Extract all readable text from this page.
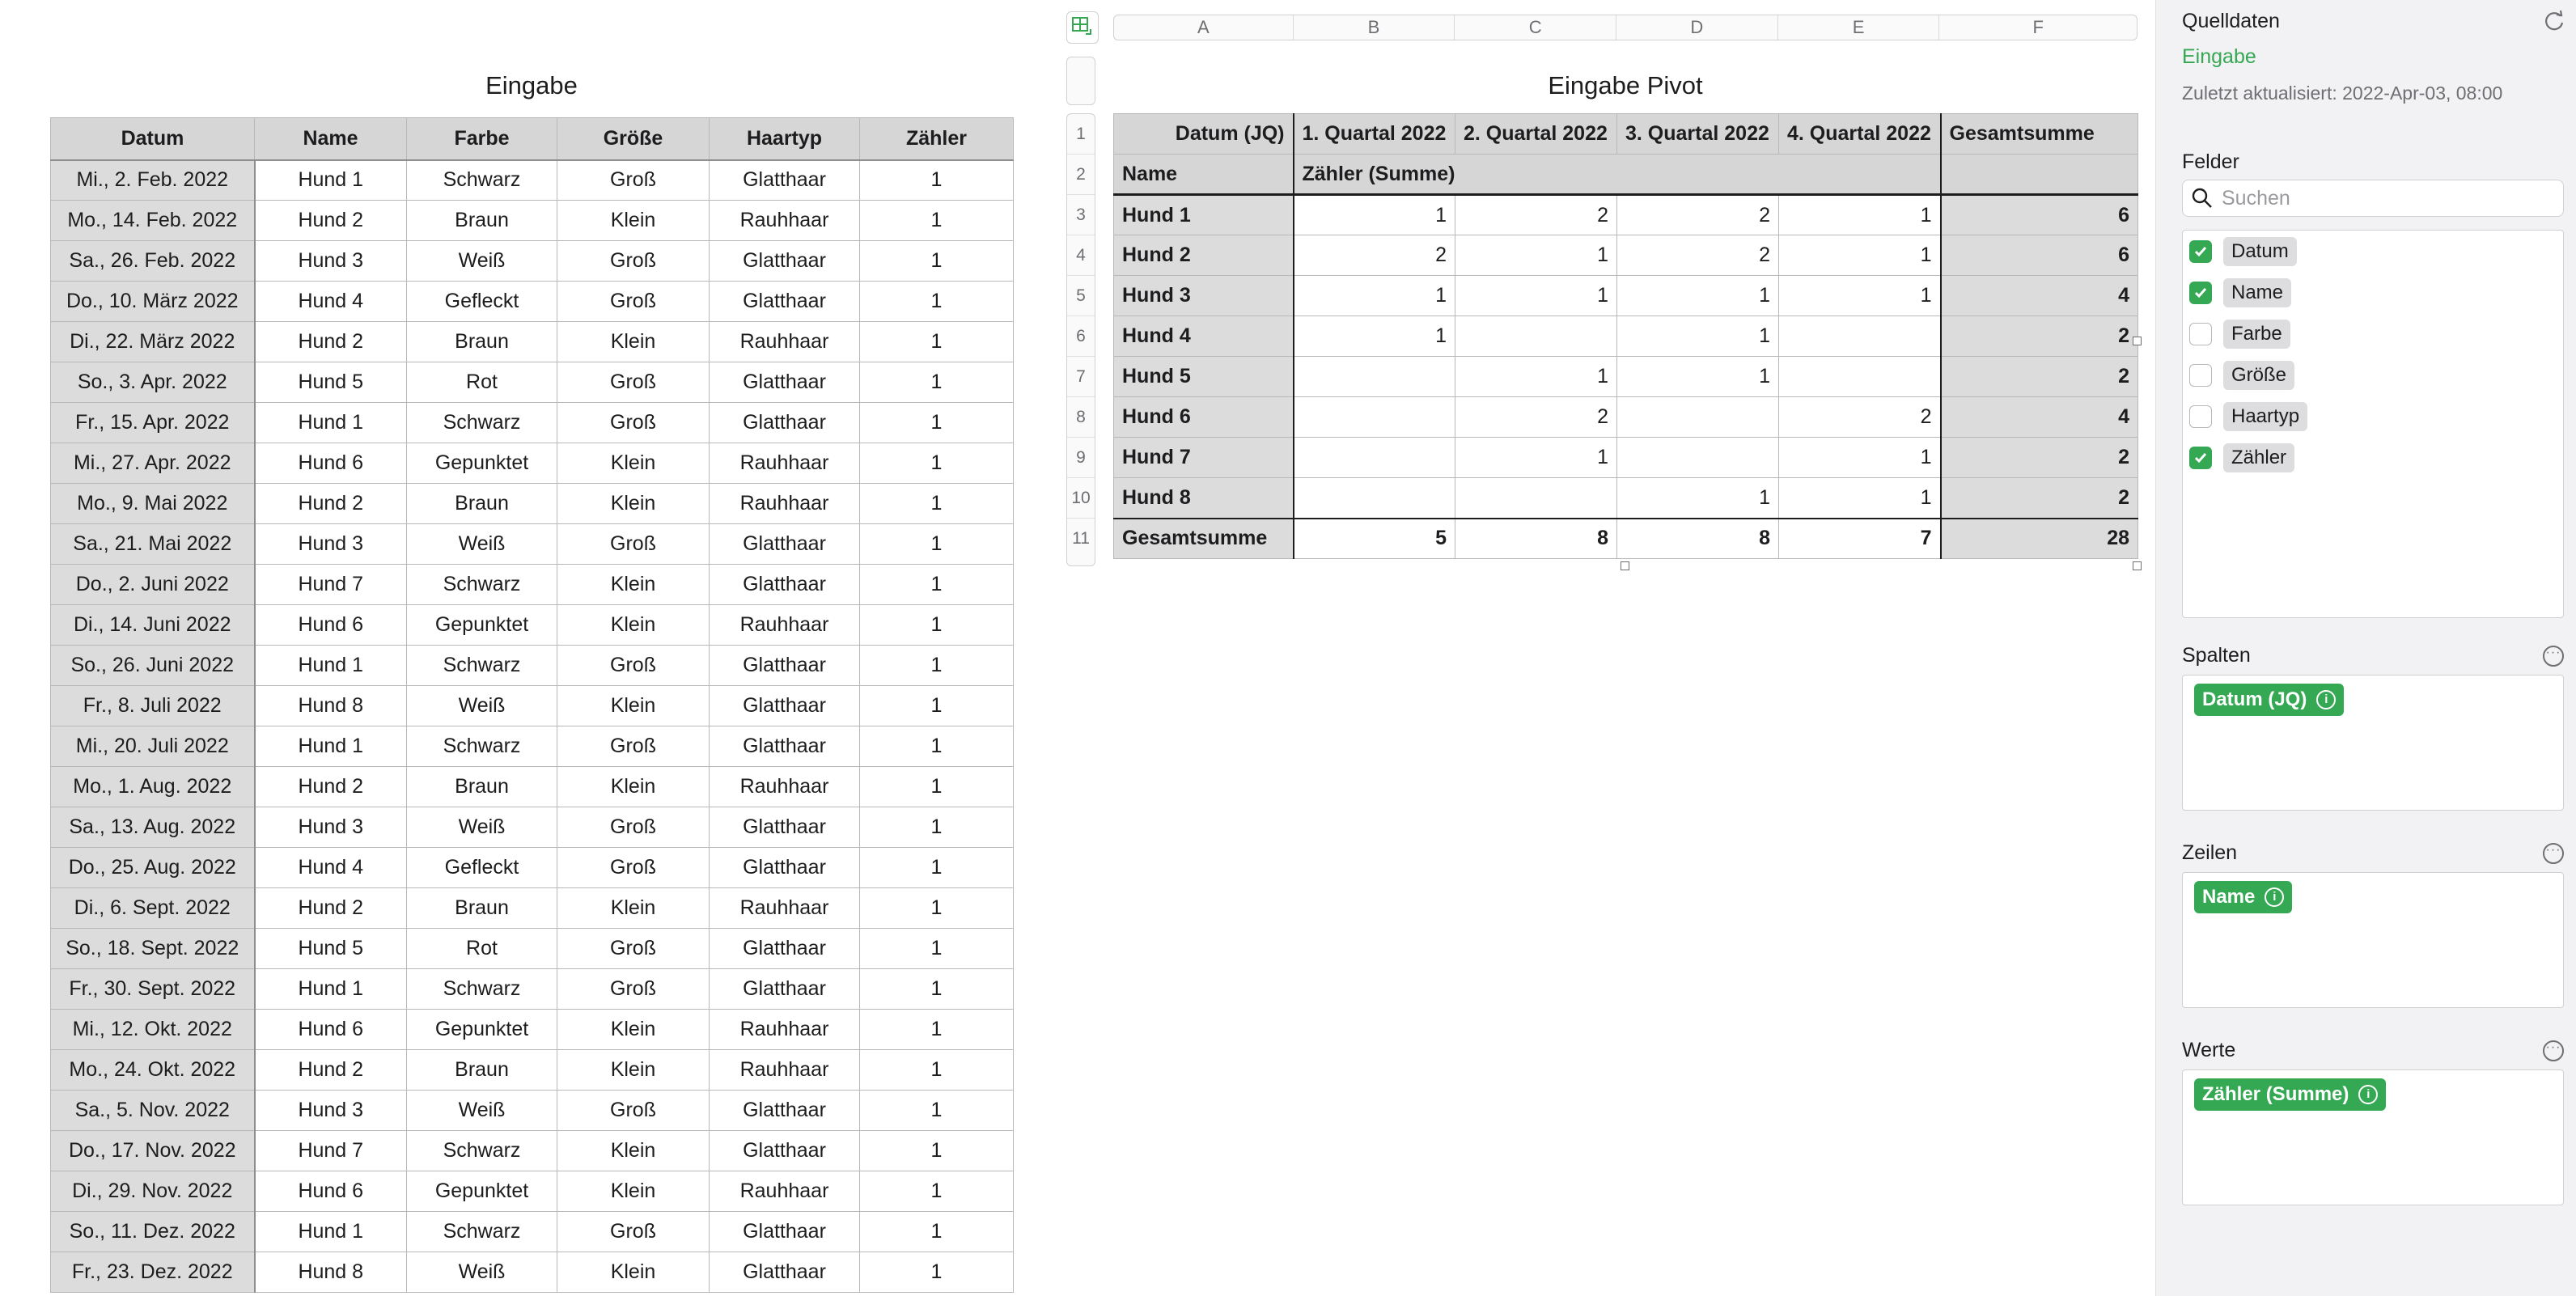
Eingabe
Datum	Name	Farbe	Größe	Haartyp	Zähler
Mi., 2. Feb. 2022	Hund 1	Schwarz	Groß	Glatthaar	1
Mo., 14. Feb. 2022	Hund 2	Braun	Klein	Rauhhaar	1
Sa., 26. Feb. 2022	Hund 3	Weiß	Groß	Glatthaar	1
Do., 10. März 2022	Hund 4	Gefleckt	Groß	Glatthaar	1
Di., 22. März 2022	Hund 2	Braun	Klein	Rauhhaar	1
So., 3. Apr. 2022	Hund 5	Rot	Groß	Glatthaar	1
Fr., 15. Apr. 2022	Hund 1	Schwarz	Groß	Glatthaar	1
Mi., 27. Apr. 2022	Hund 6	Gepunktet	Klein	Rauhhaar	1
Mo., 9. Mai 2022	Hund 2	Braun	Klein	Rauhhaar	1
Sa., 21. Mai 2022	Hund 3	Weiß	Groß	Glatthaar	1
Do., 2. Juni 2022	Hund 7	Schwarz	Klein	Glatthaar	1
Di., 14. Juni 2022	Hund 6	Gepunktet	Klein	Rauhhaar	1
So., 26. Juni 2022	Hund 1	Schwarz	Groß	Glatthaar	1
Fr., 8. Juli 2022	Hund 8	Weiß	Klein	Glatthaar	1
Mi., 20. Juli 2022	Hund 1	Schwarz	Groß	Glatthaar	1
Mo., 1. Aug. 2022	Hund 2	Braun	Klein	Rauhhaar	1
Sa., 13. Aug. 2022	Hund 3	Weiß	Groß	Glatthaar	1
Do., 25. Aug. 2022	Hund 4	Gefleckt	Groß	Glatthaar	1
Di., 6. Sept. 2022	Hund 2	Braun	Klein	Rauhhaar	1
So., 18. Sept. 2022	Hund 5	Rot	Groß	Glatthaar	1
Fr., 30. Sept. 2022	Hund 1	Schwarz	Groß	Glatthaar	1
Mi., 12. Okt. 2022	Hund 6	Gepunktet	Klein	Rauhhaar	1
Mo., 24. Okt. 2022	Hund 2	Braun	Klein	Rauhhaar	1
Sa., 5. Nov. 2022	Hund 3	Weiß	Groß	Glatthaar	1
Do., 17. Nov. 2022	Hund 7	Schwarz	Klein	Glatthaar	1
Di., 29. Nov. 2022	Hund 6	Gepunktet	Klein	Rauhhaar	1
So., 11. Dez. 2022	Hund 1	Schwarz	Groß	Glatthaar	1
Fr., 23. Dez. 2022	Hund 8	Weiß	Klein	Glatthaar	1
A	B	C	D	E	F
1
2
3
4
5
6
7
8
9
10
11
Eingabe Pivot
Datum (JQ)	1. Quartal 2022	2. Quartal 2022	3. Quartal 2022	4. Quartal 2022	Gesamtsumme
Name	Zähler (Summe)				
Hund 1	1	2	2	1	6
Hund 2	2	1	2	1	6
Hund 3	1	1	1	1	4
Hund 4	1		1		2
Hund 5		1	1		2
Hund 6		2		2	4
Hund 7		1		1	2
Hund 8			1	1	2
Gesamtsumme	5	8	8	7	28
Quelldaten
Eingabe
Zuletzt aktualisiert: 2022-Apr-03, 08:00
Felder
Suchen
Datum
Name
Farbe
Größe
Haartyp
Zähler
Spalten	···
Datum (JQ)	i
Zeilen	···
Name	i
Werte	···
Zähler (Summe)	i
